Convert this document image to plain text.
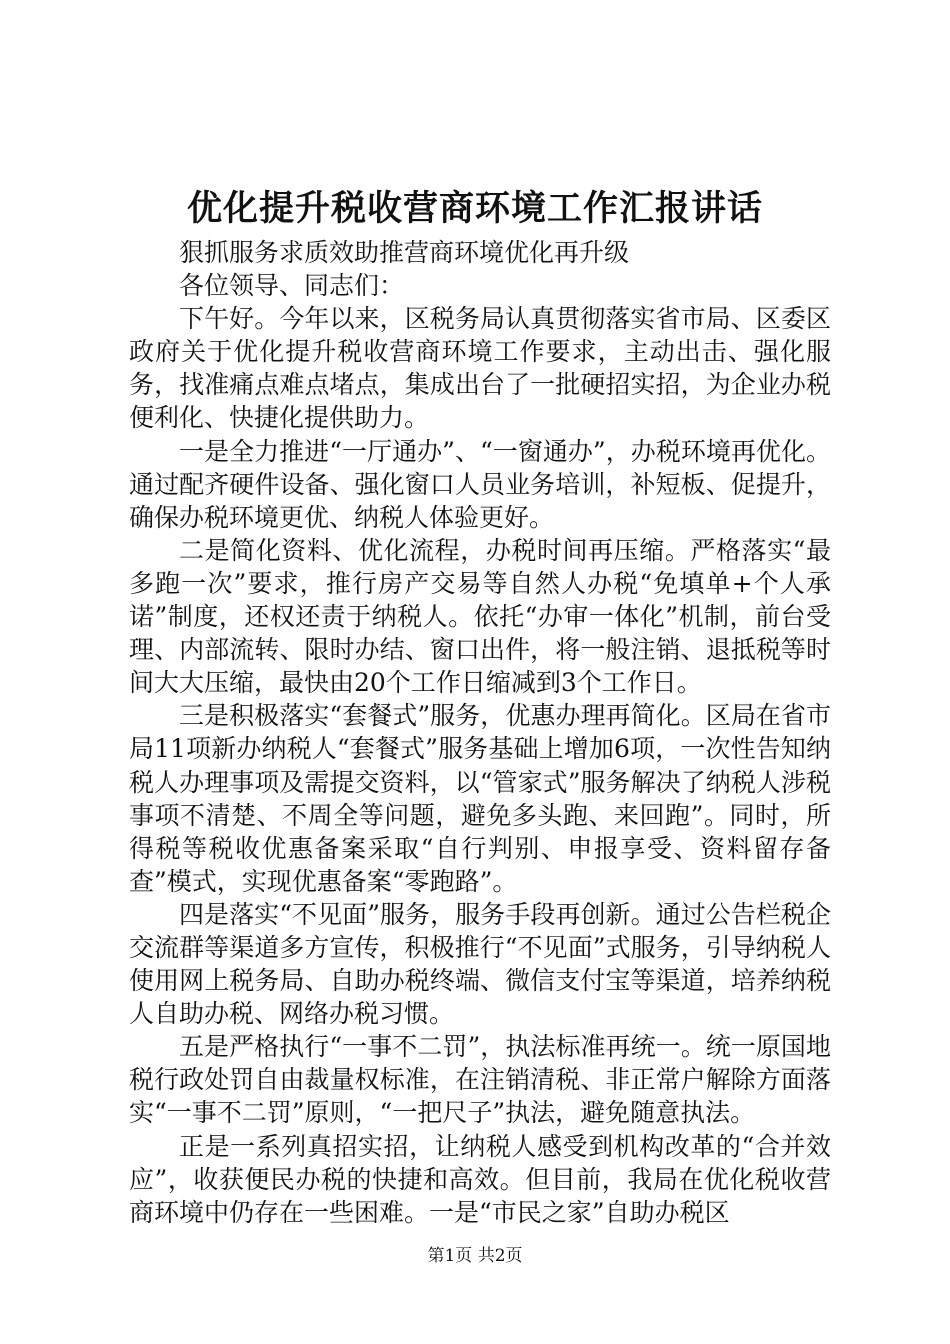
优化提升税收营商环境工作汇报讲话

狠抓服务求质效助推营商环境优化再升级

各位领导、同志们：

下午好。今年以来，区税务局认真贯彻落实省市局、区委区政府关于优化提升税收营商环境工作要求，主动出击、强化服务，找准痛点难点堵点，集成出台了一批硬招实招，为企业办税便利化、快捷化提供助力。

一是全力推进“一厅通办”、“一窗通办”，办税环境再优化。通过配齐硬件设备、强化窗口人员业务培训，补短板、促提升，确保办税环境更优、纳税人体验更好。

二是简化资料、优化流程，办税时间再压缩。严格落实“最多跑一次”要求，推行房产交易等自然人办税“免填单+个人承诺”制度，还权还责于纳税人。依托“办审一体化”机制，前台受理、内部流转、限时办结、窗口出件，将一般注销、退抵税等时间大大压缩，最快由20个工作日缩减到3个工作日。

三是积极落实“套餐式”服务，优惠办理再简化。区局在省市局11项新办纳税人“套餐式”服务基础上增加6项，一次性告知纳税人办理事项及需提交资料，以“管家式”服务解决了纳税人涉税事项不清楚、不周全等问题，避免多头跑、来回跑”。同时，所得税等税收优惠备案采取“自行判别、申报享受、资料留存备查”模式，实现优惠备案“零跑路”。

四是落实“不见面”服务，服务手段再创新。通过公告栏税企交流群等渠道多方宣传，积极推行“不见面”式服务，引导纳税人使用网上税务局、自助办税终端、微信支付宝等渠道，培养纳税人自助办税、网络办税习惯。

五是严格执行“一事不二罚”，执法标准再统一。统一原国地税行政处罚自由裁量权标准，在注销清税、非正常户解除方面落实“一事不二罚”原则，“一把尺子”执法，避免随意执法。

正是一系列真招实招，让纳税人感受到机构改革的“合并效应”，收获便民办税的快捷和高效。但目前，我局在优化税收营商环境中仍存在一些困难。一是“市民之家”自助办税区

第1页 共2页
